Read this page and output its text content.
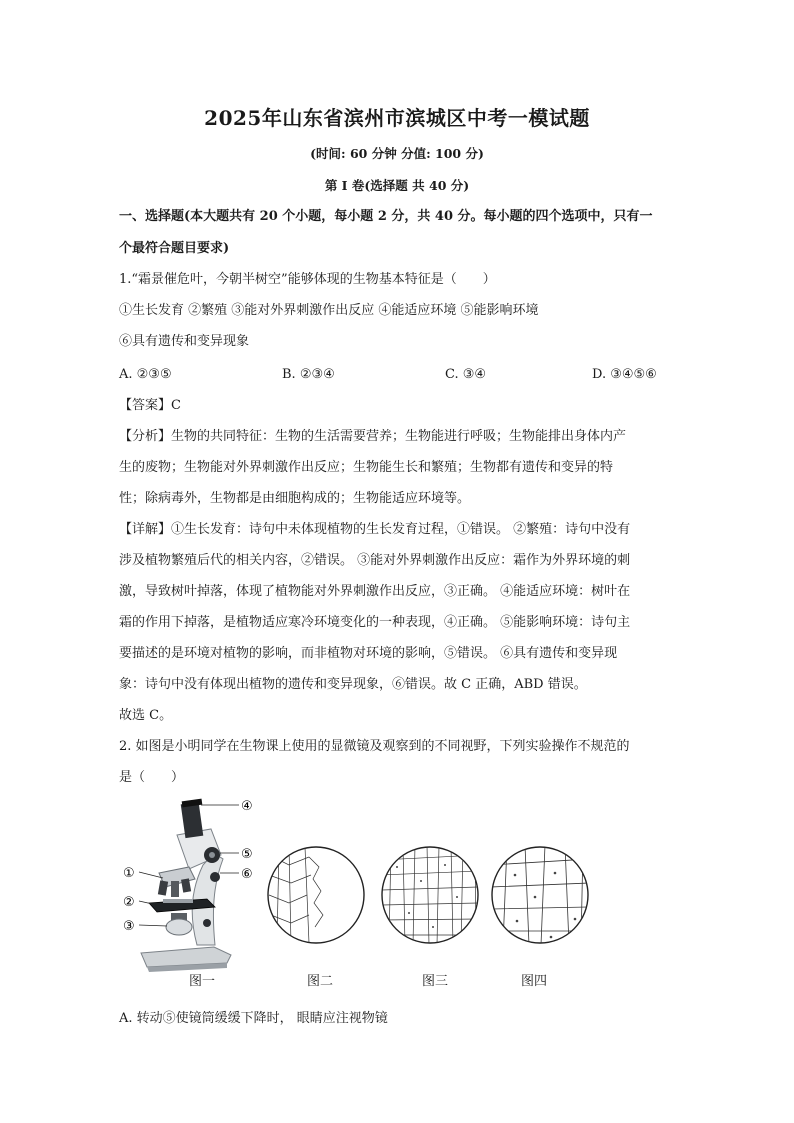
2025年山东省滨州市滨城区中考一模试题
(时间: 60 分钟 分值: 100 分)
第 I 卷(选择题 共 40 分)
一、选择题(本大题共有 20 个小题，每小题 2 分，共 40 分。每小题的四个选项中，只有一
个最符合题目要求)
1.“霜景催危叶，今朝半树空”能够体现的生物基本特征是（　　）
①生长发育 ②繁殖 ③能对外界刺激作出反应 ④能适应环境 ⑤能影响环境
⑥具有遗传和变异现象
A. ②③⑤	B. ②③④	C. ③④	D. ③④⑤⑥
【答案】C
【分析】生物的共同特征：生物的生活需要营养；生物能进行呼吸；生物能排出身体内产
生的废物；生物能对外界刺激作出反应；生物能生长和繁殖；生物都有遗传和变异的特
性；除病毒外，生物都是由细胞构成的；生物能适应环境等。
【详解】①生长发育：诗句中未体现植物的生长发育过程，①错误。 ②繁殖：诗句中没有
涉及植物繁殖后代的相关内容，②错误。 ③能对外界刺激作出反应：霜作为外界环境的刺
激，导致树叶掉落，体现了植物能对外界刺激作出反应，③正确。 ④能适应环境：树叶在
霜的作用下掉落，是植物适应寒冷环境变化的一种表现，④正确。 ⑤能影响环境：诗句主
要描述的是环境对植物的影响，而非植物对环境的影响，⑤错误。 ⑥具有遗传和变异现
象：诗句中没有体现出植物的遗传和变异现象，⑥错误。故 C 正确，ABD 错误。
故选 C。
2. 如图是小明同学在生物课上使用的显微镜及观察到的不同视野，下列实验操作不规范的
是（　　）
④
⑤
⑥
①
②
③
图一	图二	图三	图四
A. 转动⑤使镜筒缓缓下降时， 眼睛应注视物镜
